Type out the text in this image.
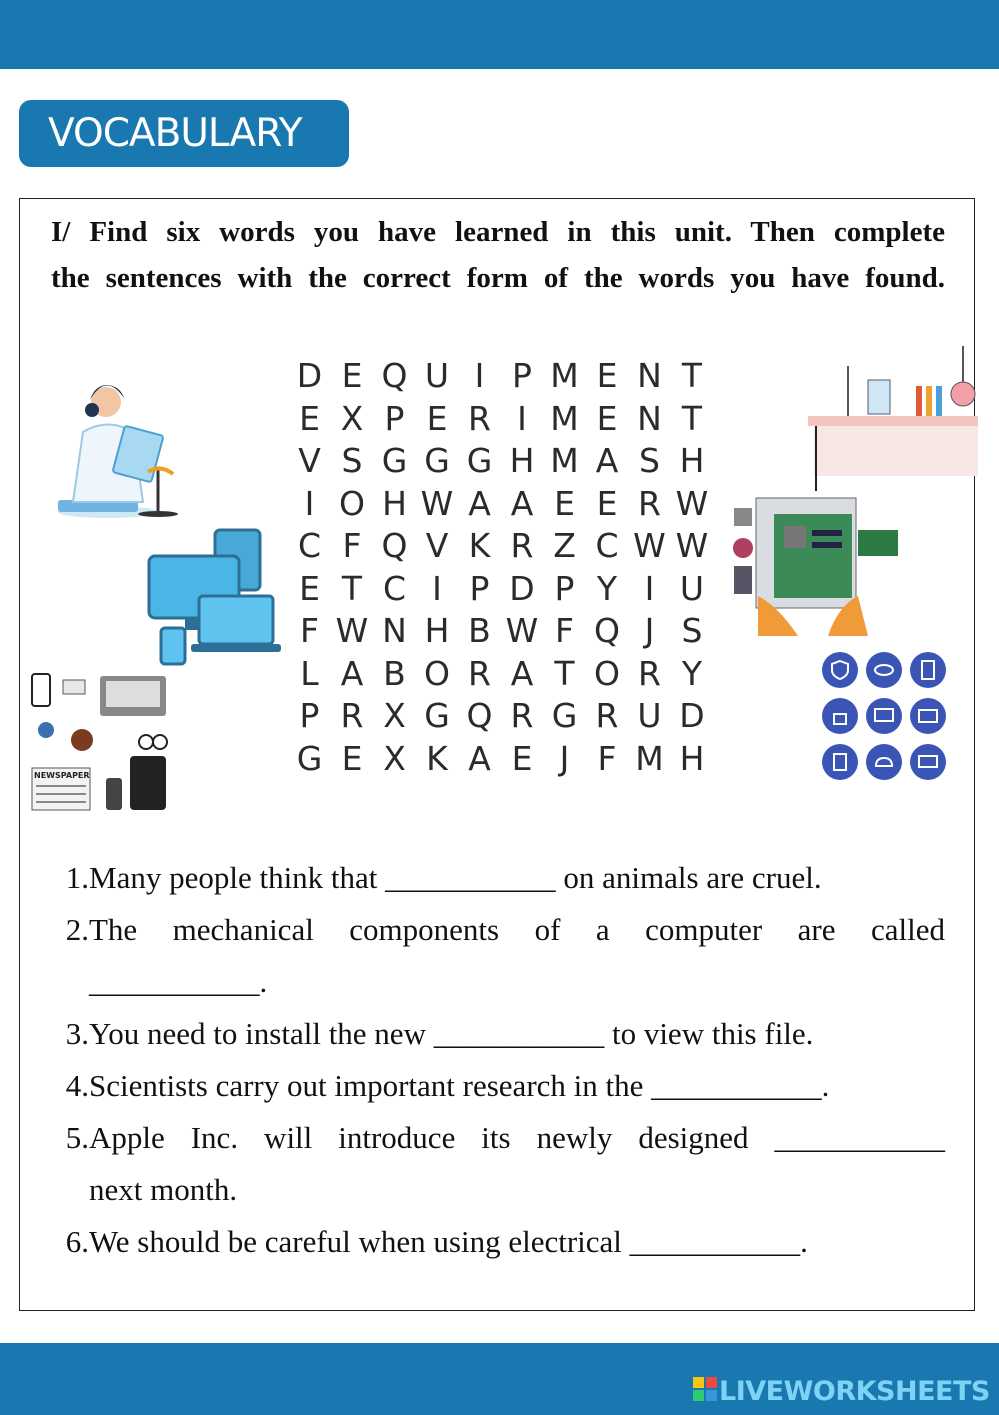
VOCABULARY
I/ Find six words you have learned in this unit. Then complete
the sentences with the correct form of the words you have found.
D E Q U I P M E N T
E X P E R I M E N T
V S G G G H M A S H
I O H W A A E E R W
C F Q V K R Z C W W
E T C I P D P Y I U
F W N H B W F Q J S
L A B O R A T O R Y
P R X G Q R G R U D
G E X K A E J F M H
NEWSPAPER
1. Many people think that ___________ on animals are cruel.
2. The mechanical components of a computer are called
___________.
3. You need to install the new ___________ to view this file.
4. Scientists carry out important research in the ___________.
5. Apple Inc. will introduce its newly designed ___________
next month.
6. We should be careful when using electrical ___________.
LIVEWORKSHEETS
